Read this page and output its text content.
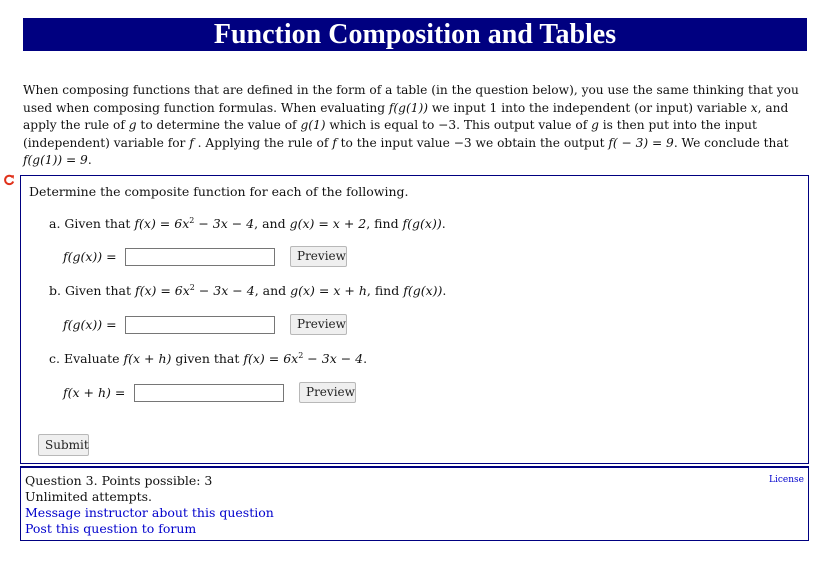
Function Composition and Tables
When composing functions that are defined in the form of a table (in the question below), you use the same thinking that you used when composing function formulas. When evaluating f(g(1)) we input 1 into the independent (or input) variable x, and apply the rule of g to determine the value of g(1) which is equal to −3. This output value of g is then put into the input (independent) variable for f . Applying the rule of f to the input value −3 we obtain the output f( − 3) = 9. We conclude that f(g(1)) = 9.
Determine the composite function for each of the following.
a. Given that $f(x) = 6x^2 - 3x - 4$, and g(x) = x + 2, find f(g(x)).
f(g(x)) =	Preview
b. Given that $f(x) = 6x^2 - 3x - 4$, and g(x) = x + h, find f(g(x)).
f(g(x)) =	Preview
c. Evaluate f(x + h) given that $f(x) = 6x^2 - 3x - 4$.
f(x + h) =	Preview
Submit
Question 3. Points possible: 3
Unlimited attempts.
Message instructor about this question
Post this question to forum
License
